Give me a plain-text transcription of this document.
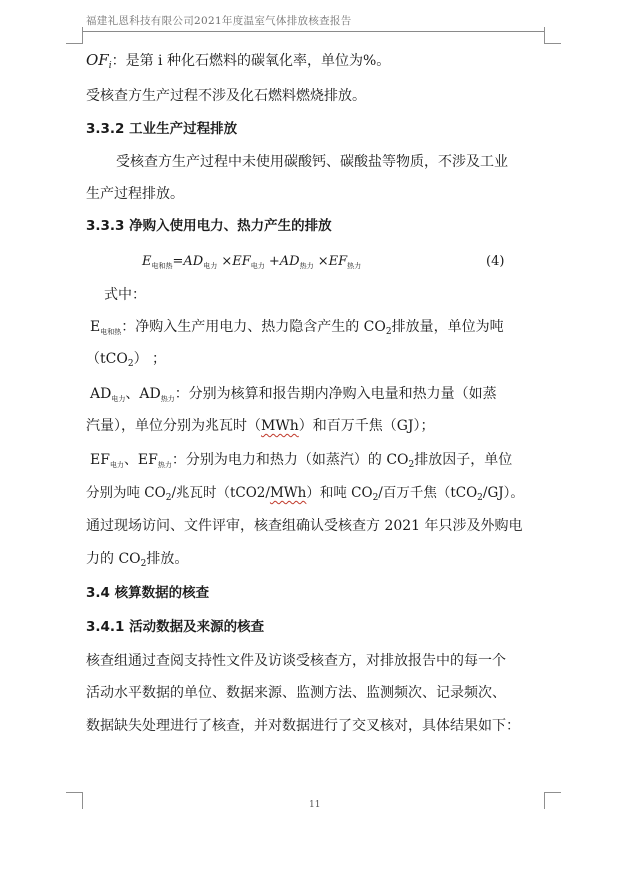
福建礼恩科技有限公司2021年度温室气体排放核查报告
$OF_i$：是第 i 种化石燃料的碳氧化率，单位为%。
受核查方生产过程不涉及化石燃料燃烧排放。
3.3.2 工业生产过程排放
受核查方生产过程中未使用碳酸钙、碳酸盐等物质，不涉及工业
生产过程排放。
3.3.3 净购入使用电力、热力产生的排放
$E_{电和热}=AD_{电力} \times EF_{电力} +AD_{热力} \times EF_{热力}$	(4)
式中：
$E_{电和热}$：净购入生产用电力、热力隐含产生的 $CO_2$排放量，单位为吨
（tCO$_2$） ；
$AD_{电力}$、$AD_{热力}$：分别为核算和报告期内净购入电量和热力量（如蒸
汽量），单位分别为兆瓦时（MWh）和百万千焦（GJ）；
$EF_{电力}$、$EF_{热力}$：分别为电力和热力（如蒸汽）的 $CO_2$排放因子，单位
分别为吨 $CO_2/$兆瓦时（tCO2/MWh）和吨 $CO_2/$百万千焦（tCO$_2$/GJ）。
通过现场访问、文件评审，核查组确认受核查方 2021 年只涉及外购电
力的 $CO_2$排放。
3.4 核算数据的核查
3.4.1 活动数据及来源的核查
核查组通过查阅支持性文件及访谈受核查方，对排放报告中的每一个
活动水平数据的单位、数据来源、监测方法、监测频次、记录频次、
数据缺失处理进行了核查，并对数据进行了交叉核对，具体结果如下：
11
